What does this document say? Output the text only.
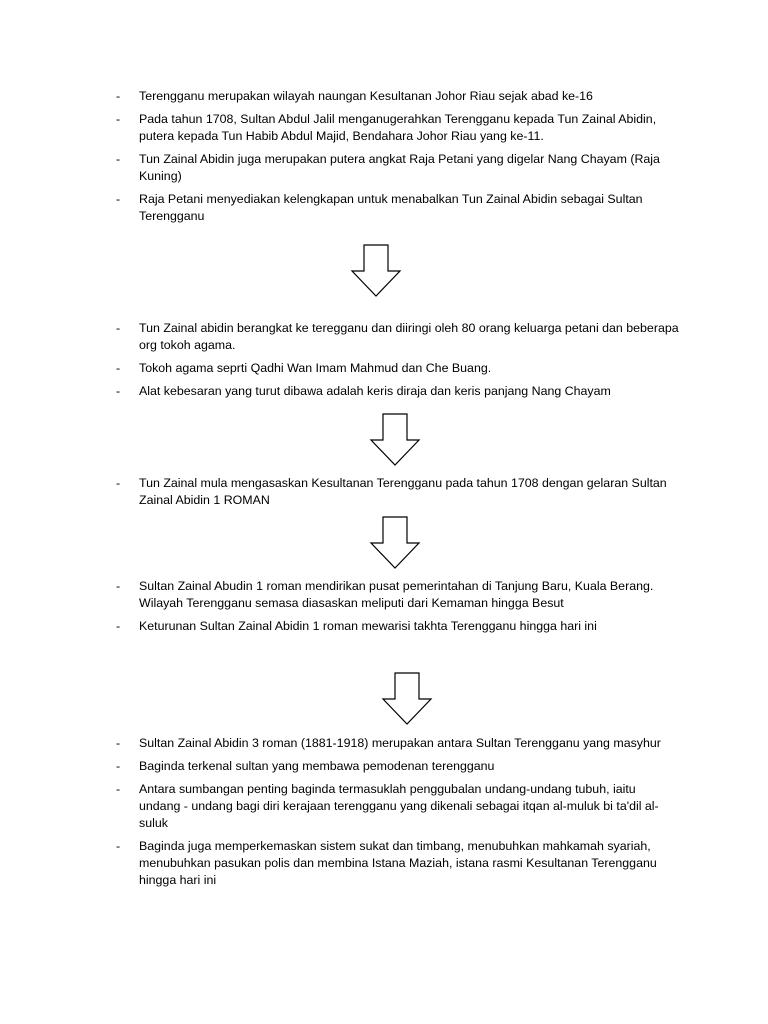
- Terengganu merupakan wilayah naungan Kesultanan Johor Riau sejak abad ke-16
- Pada tahun 1708, Sultan Abdul Jalil menganugerahkan Terengganu kepada Tun Zainal Abidin, putera kepada Tun Habib Abdul Majid, Bendahara Johor Riau yang ke-11.
- Tun Zainal Abidin juga merupakan putera angkat Raja Petani yang digelar Nang Chayam (Raja Kuning)
- Raja Petani menyediakan kelengkapan untuk menabalkan Tun Zainal Abidin sebagai Sultan Terengganu
- Tun Zainal abidin berangkat ke teregganu dan diiringi oleh 80 orang keluarga petani dan beberapa org tokoh agama.
- Tokoh agama seprti Qadhi Wan Imam Mahmud dan Che Buang.
- Alat kebesaran yang turut dibawa adalah keris diraja dan keris panjang Nang Chayam
- Tun Zainal mula mengasaskan Kesultanan Terengganu pada tahun 1708 dengan gelaran Sultan Zainal Abidin 1 ROMAN
- Sultan Zainal Abudin 1 roman mendirikan pusat pemerintahan di Tanjung Baru, Kuala Berang. Wilayah Terengganu semasa diasaskan meliputi dari Kemaman hingga Besut
- Keturunan Sultan Zainal Abidin 1 roman mewarisi takhta Terengganu hingga hari ini
- Sultan Zainal Abidin 3 roman (1881-1918) merupakan antara Sultan Terengganu yang masyhur
- Baginda terkenal sultan yang membawa pemodenan terengganu
- Antara sumbangan penting baginda termasuklah penggubalan undang-undang tubuh, iaitu undang - undang bagi diri kerajaan terengganu yang dikenali sebagai itqan al-muluk bi ta'dil al-suluk
- Baginda juga memperkemaskan sistem sukat dan timbang, menubuhkan mahkamah syariah, menubuhkan pasukan polis dan membina Istana Maziah, istana rasmi Kesultanan Terengganu hingga hari ini
